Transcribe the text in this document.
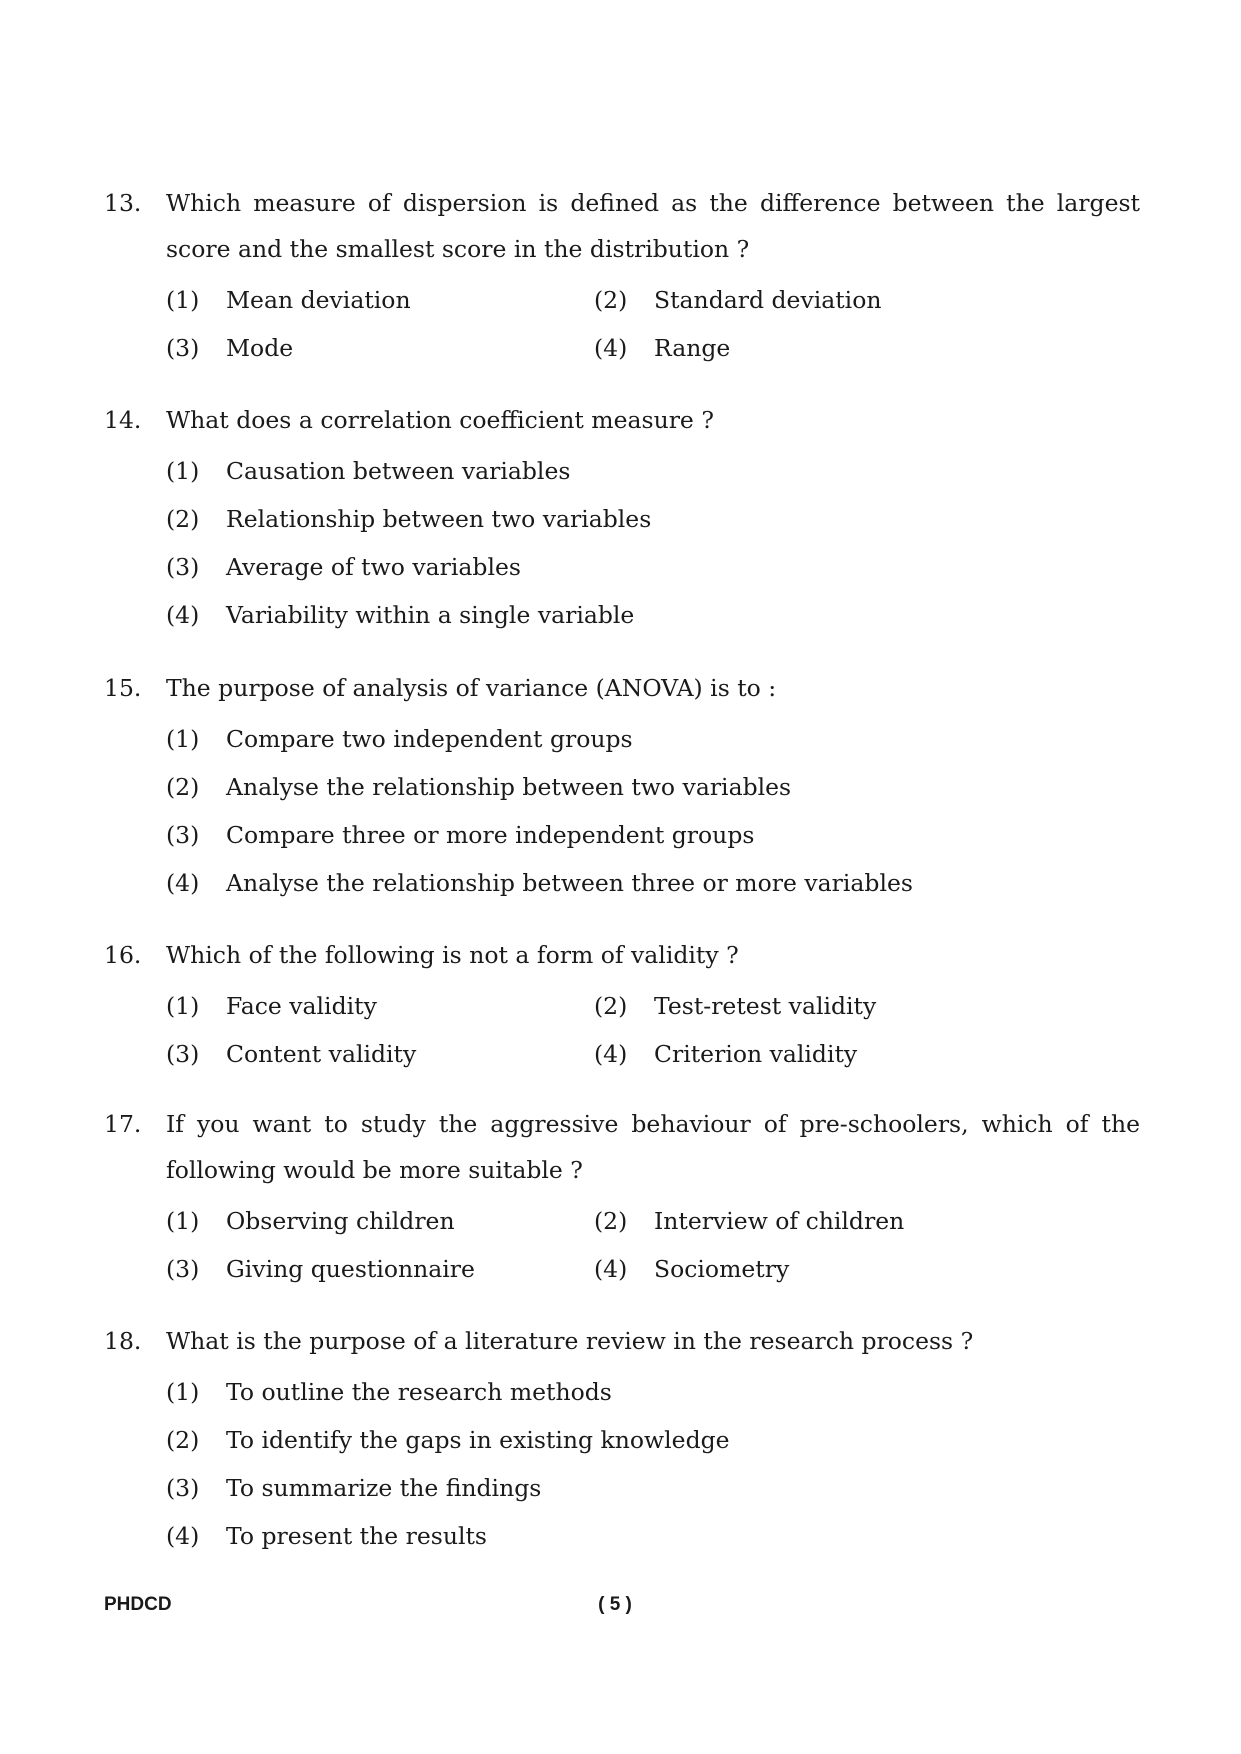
13. Which measure of dispersion is defined as the difference between the largest score and the smallest score in the distribution ?
(1)	Mean deviation	(2)	Standard deviation
(3)	Mode	(4)	Range
14. What does a correlation coefficient measure ?
(1)	Causation between variables
(2)	Relationship between two variables
(3)	Average of two variables
(4)	Variability within a single variable
15. The purpose of analysis of variance (ANOVA) is to :
(1)	Compare two independent groups
(2)	Analyse the relationship between two variables
(3)	Compare three or more independent groups
(4)	Analyse the relationship between three or more variables
16. Which of the following is not a form of validity ?
(1)	Face validity	(2)	Test-retest validity
(3)	Content validity	(4)	Criterion validity
17. If you want to study the aggressive behaviour of pre-schoolers, which of the following would be more suitable ?
(1)	Observing children	(2)	Interview of children
(3)	Giving questionnaire	(4)	Sociometry
18. What is the purpose of a literature review in the research process ?
(1)	To outline the research methods
(2)	To identify the gaps in existing knowledge
(3)	To summarize the findings
(4)	To present the results
PHDCD	( 5 )
